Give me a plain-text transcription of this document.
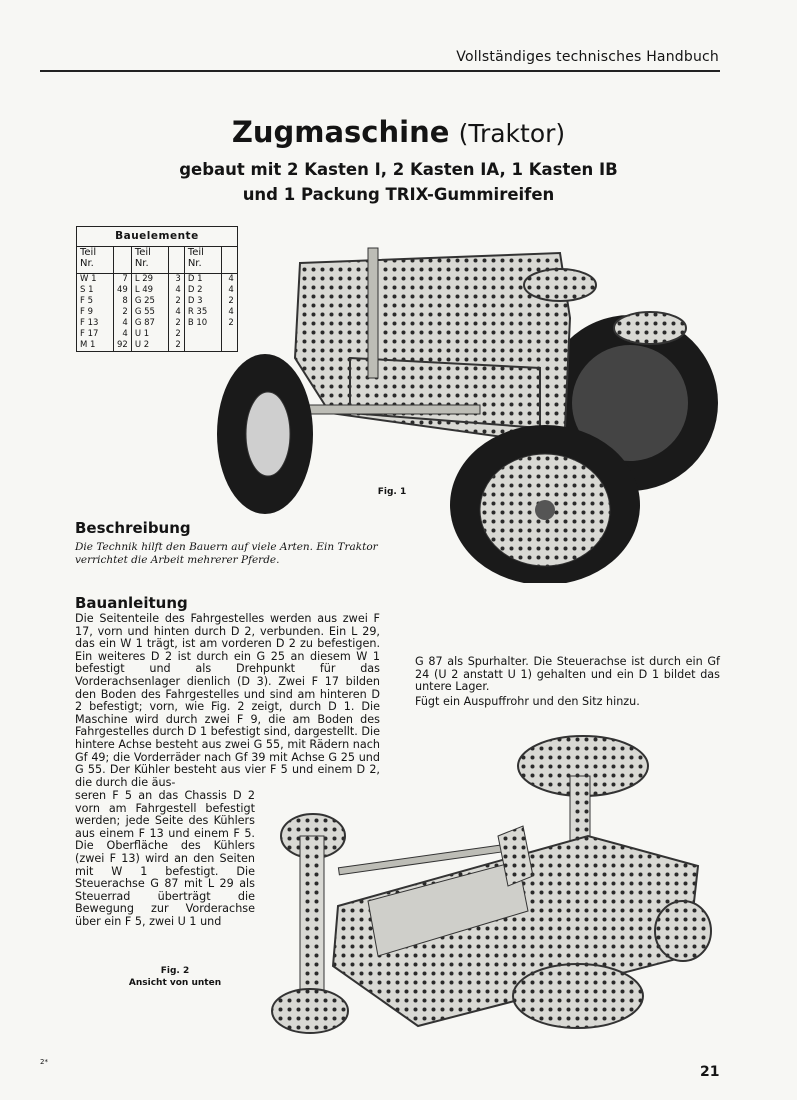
Vollständiges technisches Handbuch
Zugmaschine (Traktor)
gebaut mit 2 Kasten I, 2 Kasten IA, 1 Kasten IB
und 1 Packung TRIX-Gummireifen
Bauelemente					
Teil
Nr.		Teil
Nr.		Teil
Nr.	
W 1	7	L 29	3	D 1	4
S 1	49	L 49	4	D 2	4
F 5	8	G 25	2	D 3	2
F 9	2	G 55	4	R 35	4
F 13	4	G 87	2	B 10	2
F 17	4	U 1	2		
M 1	92	U 2	2		
Fig. 1
Beschreibung
Die Technik hilft den Bauern auf viele Arten. Ein Traktor verrichtet die Arbeit mehrerer Pferde.
Bauanleitung
Die Seitenteile des Fahrgestelles werden aus zwei F 17, vorn und hinten durch D 2, verbunden. Ein L 29, das ein W 1 trägt, ist am vorderen D 2 zu befestigen. Ein weiteres D 2 ist durch ein G 25 an diesem W 1 befestigt und als Drehpunkt für das Vorderachsenlager dienlich (D 3). Zwei F 17 bilden den Boden des Fahrgestelles und sind am hinteren D 2 befestigt; vorn, wie Fig. 2 zeigt, durch D 1. Die Maschine wird durch zwei F 9, die am Boden des Fahrgestelles durch D 1 befestigt sind, dargestellt. Die hintere Achse besteht aus zwei G 55, mit Rädern nach Gf 49; die Vorderräder nach Gf 39 mit Achse G 25 und G 55. Der Kühler besteht aus vier F 5 und einem D 2, die durch die äus-
seren F 5 an das Chassis D 2 vorn am Fahrgestell befestigt werden; jede Seite des Kühlers aus einem F 13 und einem F 5. Die Oberfläche des Kühlers (zwei F 13) wird an den Seiten mit W 1 befestigt. Die Steuerachse G 87 mit L 29 als Steuerrad überträgt die Bewegung zur Vorderachse über ein F 5, zwei U 1 und
G 87 als Spurhalter. Die Steuerachse ist durch ein Gf 24 (U 2 anstatt U 1) gehalten und ein D 1 bildet das untere Lager.
Fügt ein Auspuffrohr und den Sitz hinzu.
Fig. 2
Ansicht von unten
2*
21
